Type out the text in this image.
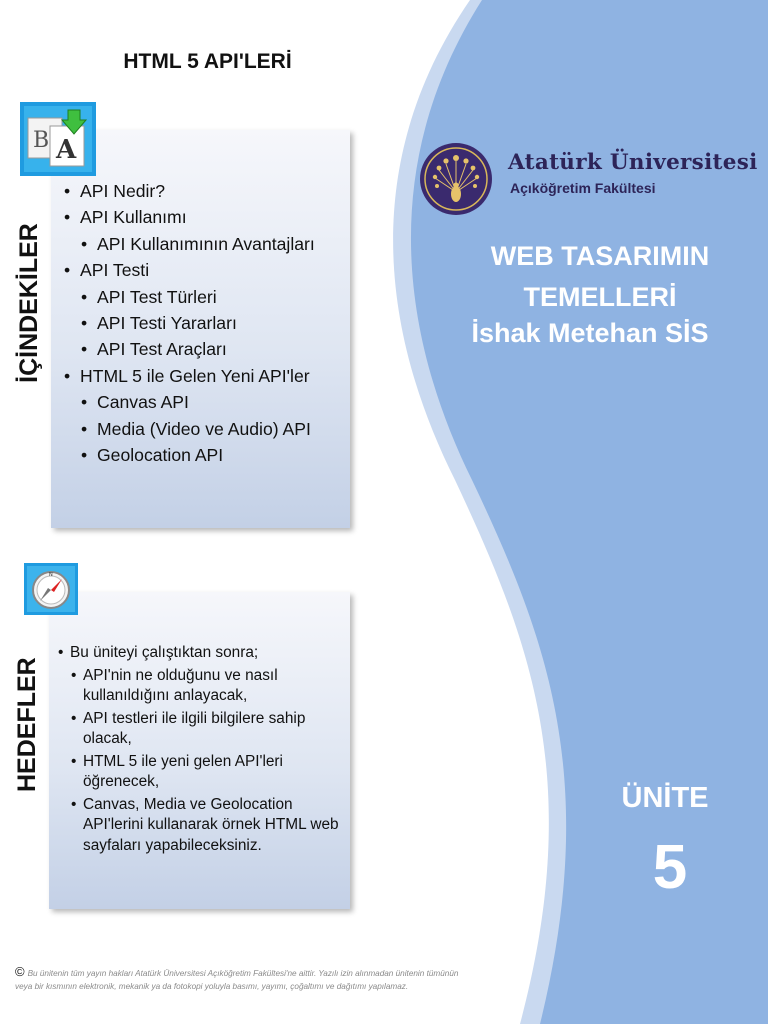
HTML 5 API'LERİ
B A
İÇİNDEKİLER
• API Nedir?
• API Kullanımı
• API Kullanımının Avantajları
• API Testi
• API Test Türleri
• API Testi Yararları
• API Test Araçları
• HTML 5 ile Gelen Yeni API'ler
• Canvas API
• Media (Video ve Audio) API
• Geolocation API
N
HEDEFLER
• Bu üniteyi çalıştıktan sonra;
• API'nin ne olduğunu ve nasıl kullanıldığını anlayacak,
• API testleri ile ilgili bilgilere sahip olacak,
• HTML 5 ile yeni gelen API'leri öğrenecek,
• Canvas, Media ve Geolocation API'lerini kullanarak örnek HTML web sayfaları yapabileceksiniz.
Atatürk Üniversitesi
Açıköğretim Fakültesi
WEB TASARIMIN
TEMELLERİ
İshak Metehan SİS
ÜNİTE
5
© Bu ünitenin tüm yayın hakları Atatürk Üniversitesi Açıköğretim Fakültesi'ne aittir. Yazılı izin alınmadan ünitenin tümünün veya bir kısmının elektronik, mekanik ya da fotokopi yoluyla basımı, yayımı, çoğaltımı ve dağıtımı yapılamaz.
